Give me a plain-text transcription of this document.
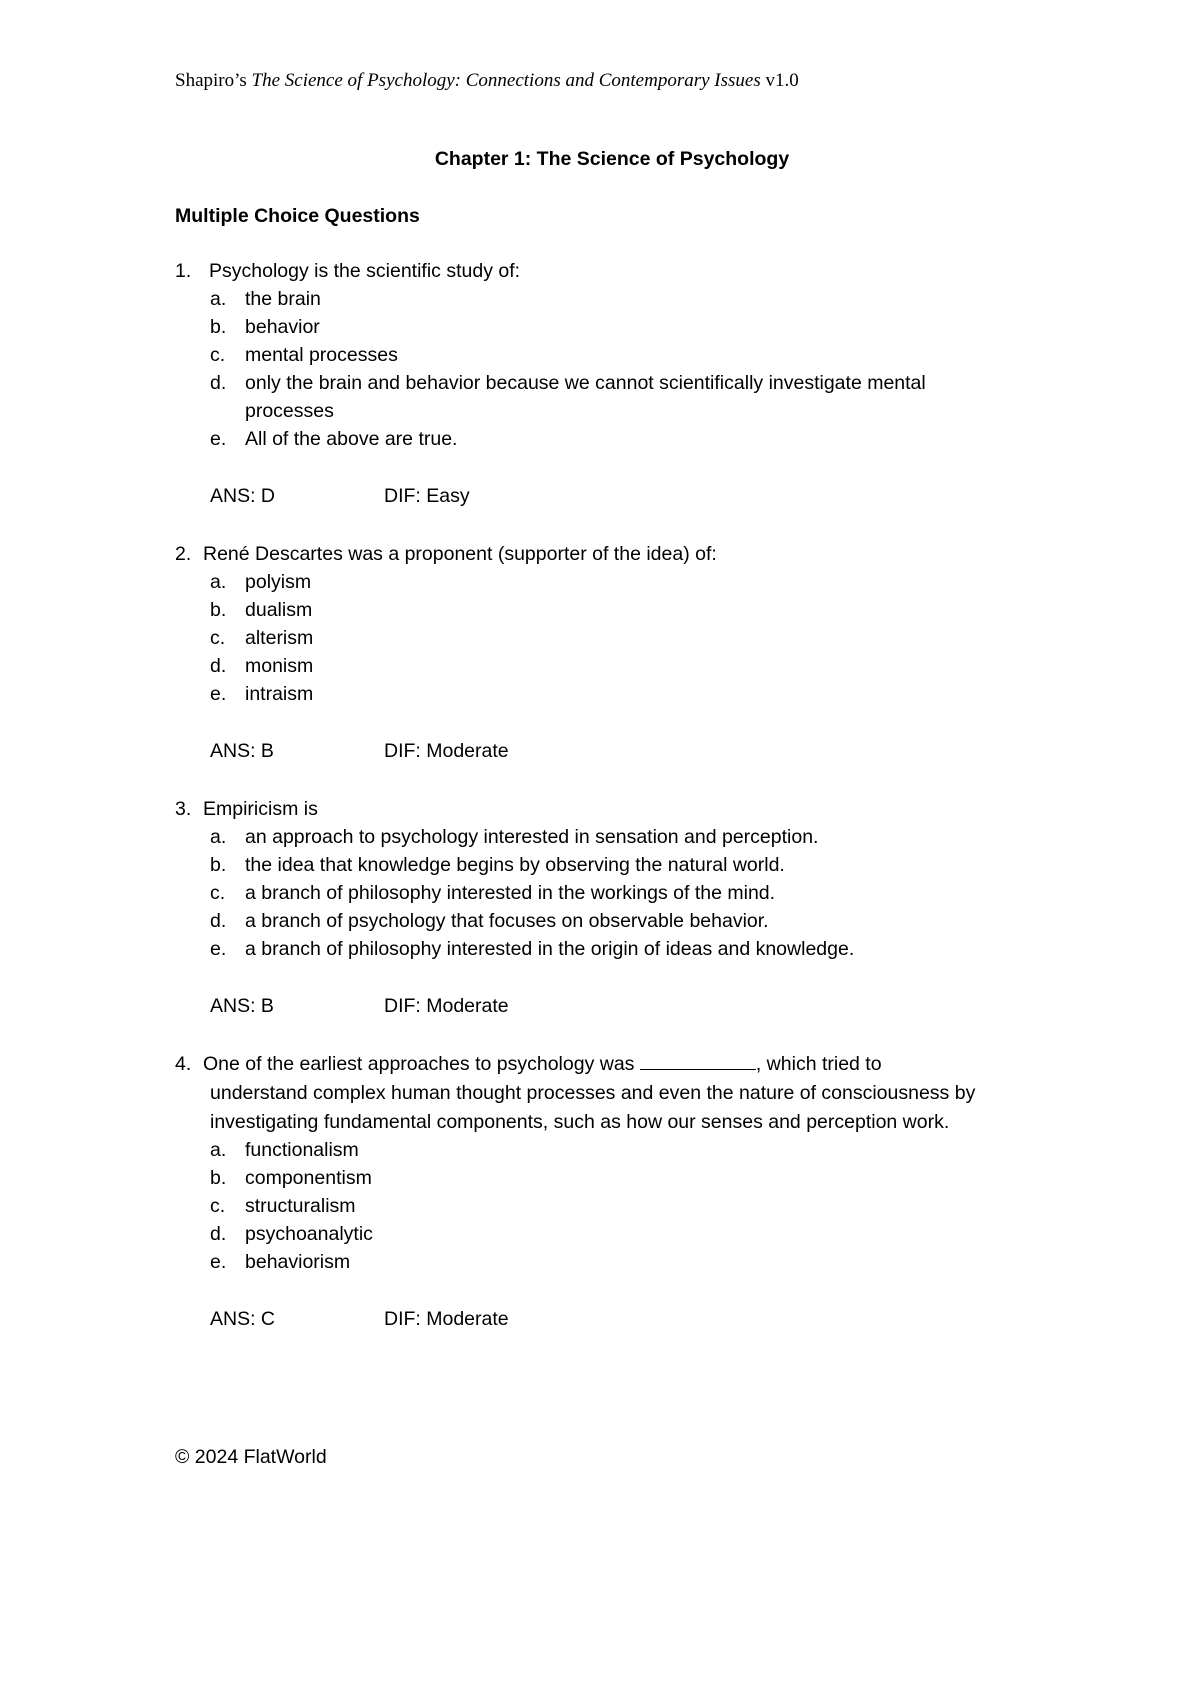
Shapiro’s The Science of Psychology: Connections and Contemporary Issues v1.0
Chapter 1: The Science of Psychology
Multiple Choice Questions
1. Psychology is the scientific study of:
a. the brain
b. behavior
c. mental processes
d. only the brain and behavior because we cannot scientifically investigate mental
processes
e. All of the above are true.
ANS: D	DIF: Easy
2. René Descartes was a proponent (supporter of the idea) of:
a. polyism
b. dualism
c. alterism
d. monism
e. intraism
ANS: B	DIF: Moderate
3. Empiricism is
a. an approach to psychology interested in sensation and perception.
b. the idea that knowledge begins by observing the natural world.
c. a branch of philosophy interested in the workings of the mind.
d. a branch of psychology that focuses on observable behavior.
e. a branch of philosophy interested in the origin of ideas and knowledge.
ANS: B	DIF: Moderate
4. One of the earliest approaches to psychology was	, which tried to
understand complex human thought processes and even the nature of consciousness by
investigating fundamental components, such as how our senses and perception work.
a. functionalism
b. componentism
c. structuralism
d. psychoanalytic
e. behaviorism
ANS: C	DIF: Moderate
© 2024 FlatWorld
